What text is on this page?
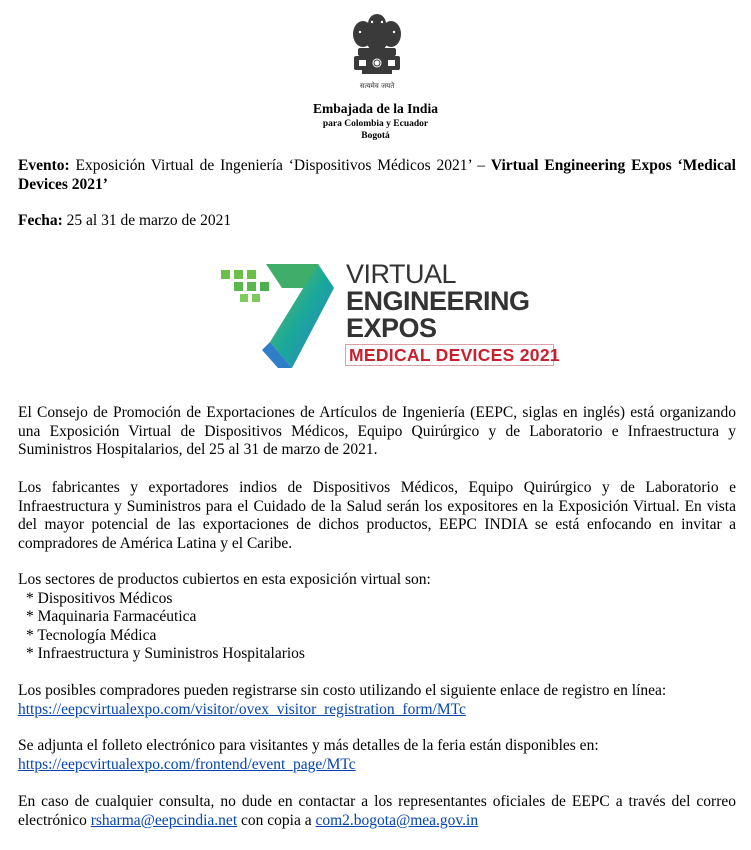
सत्यमेव जयते
Embajada de la India
para Colombia y Ecuador
Bogotá
Evento: Exposición Virtual de Ingeniería ‘Dispositivos Médicos 2021’ – Virtual Engineering Expos ‘Medical Devices 2021’
Fecha: 25 al 31 de marzo de 2021
VIRTUAL
ENGINEERING
EXPOS
MEDICAL DEVICES 2021
El Consejo de Promoción de Exportaciones de Artículos de Ingeniería (EEPC, siglas en inglés) está organizando una Exposición Virtual de Dispositivos Médicos, Equipo Quirúrgico y de Laboratorio e Infraestructura y Suministros Hospitalarios, del 25 al 31 de marzo de 2021.
Los fabricantes y exportadores indios de Dispositivos Médicos, Equipo Quirúrgico y de Laboratorio e Infraestructura y Suministros para el Cuidado de la Salud serán los expositores en la Exposición Virtual. En vista del mayor potencial de las exportaciones de dichos productos, EEPC INDIA se está enfocando en invitar a compradores de América Latina y el Caribe.
Los sectores de productos cubiertos en esta exposición virtual son:
* Dispositivos Médicos
* Maquinaria Farmacéutica
* Tecnología Médica
* Infraestructura y Suministros Hospitalarios
Los posibles compradores pueden registrarse sin costo utilizando el siguiente enlace de registro en línea:
https://eepcvirtualexpo.com/visitor/ovex_visitor_registration_form/MTc
Se adjunta el folleto electrónico para visitantes y más detalles de la feria están disponibles en:
https://eepcvirtualexpo.com/frontend/event_page/MTc
En caso de cualquier consulta, no dude en contactar a los representantes oficiales de EEPC a través del correo electrónico rsharma@eepcindia.net con copia a com2.bogota@mea.gov.in
